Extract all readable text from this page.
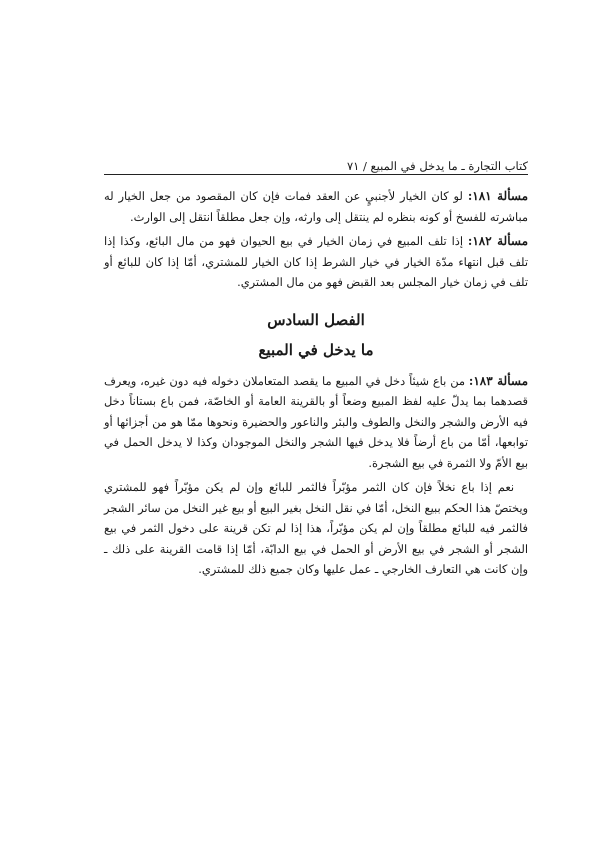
كتاب التجارة ـ ما يدخل في المبيع / ٧١

مسألة ١٨١: لو كان الخيار لأجنبيٍ عن العقد فمات فإن كان المقصود من جعل الخيار له مباشرته للفسخ أو كونه بنظره لم ينتقل إلى وارثه، وإن جعل مطلقاً انتقل إلى الوارث.

مسألة ١٨٢: إذا تلف المبيع في زمان الخيار في بيع الحيوان فهو من مال البائع، وكذا إذا تلف قبل انتهاء مدّة الخيار في خيار الشرط إذا كان الخيار للمشتري، أمّا إذا كان للبائع أو تلف في زمان خيار المجلس بعد القبض فهو من مال المشتري.

الفصل السادس
ما يدخل في المبيع

مسألة ١٨٣: من باع شيئاً دخل في المبيع ما يقصد المتعاملان دخوله فيه دون غيره، ويعرف قصدهما بما يدلّ عليه لفظ المبيع وضعاً أو بالقرينة العامة أو الخاصّة، فمن باع بستاناً دخل فيه الأرض والشجر والنخل والطوف والبئر والناعور والحضيرة ونحوها ممّا هو من أجزائها أو توابعها، أمّا من باع أرضاً فلا يدخل فيها الشجر والنخل الموجودان وكذا لا يدخل الحمل في بيع الأمّ ولا الثمرة في بيع الشجرة.

نعم إذا باع نخلاً فإن كان الثمر مؤبّراً فالثمر للبائع وإن لم يكن مؤبّراً فهو للمشتري ويختصّ هذا الحكم ببيع النخل، أمّا في نقل النخل بغير البيع أو بيع غير النخل من سائر الشجر فالثمر فيه للبائع مطلقاً وإن لم يكن مؤبّراً، هذا إذا لم تكن قرينة على دخول الثمر في بيع الشجر أو الشجر في بيع الأرض أو الحمل في بيع الدابّة، أمّا إذا قامت القرينة على ذلك ـ وإن كانت هي التعارف الخارجي ـ عمل عليها وكان جميع ذلك للمشتري.
